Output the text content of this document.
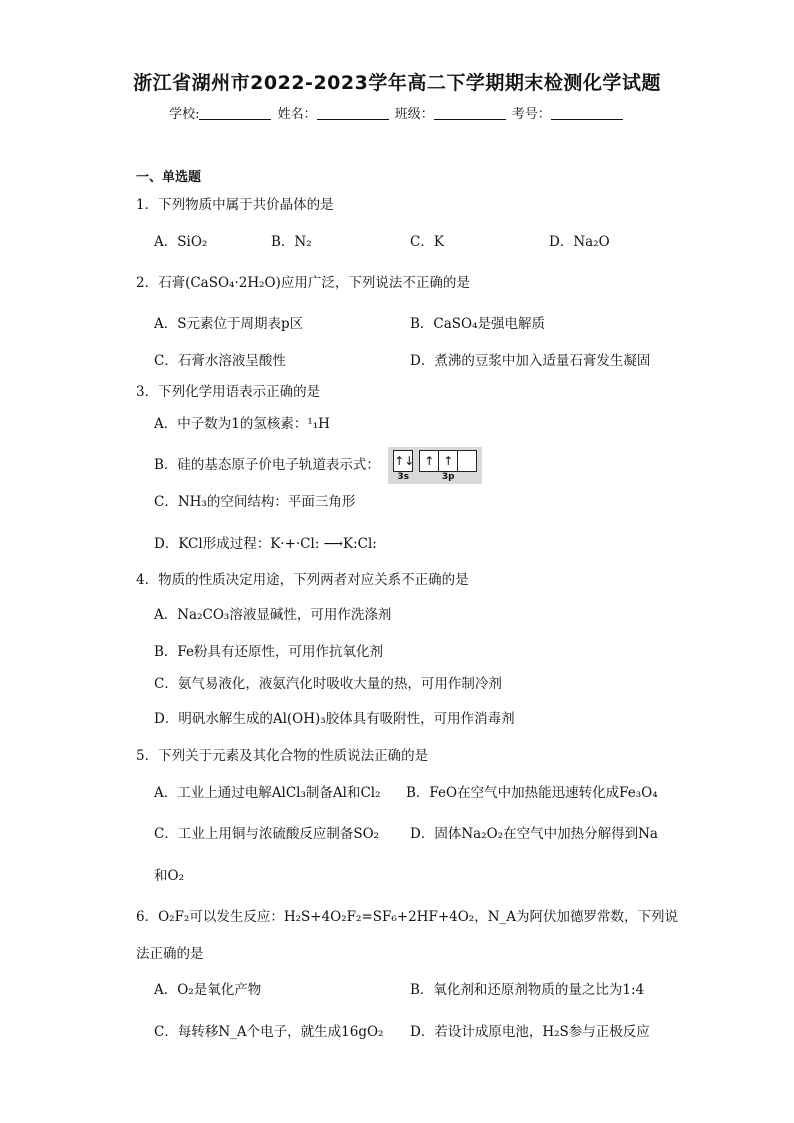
浙江省湖州市2022-2023学年高二下学期期末检测化学试题
学校:	姓名：	班级：	考号：
一、单选题
1．下列物质中属于共价晶体的是
A．SiO₂	B．N₂	C．K	D．Na₂O
2．石膏(CaSO₄·2H₂O)应用广泛，下列说法不正确的是
A．S元素位于周期表p区	B．CaSO₄是强电解质
C．石膏水溶液呈酸性	D．煮沸的豆浆中加入适量石膏发生凝固
3．下列化学用语表示正确的是
A．中子数为1的氢核素：¹₁H
B．硅的基态原子价电子轨道表示式： ↑↓ ↑ ↑
3s	3p
C．NH₃的空间结构：平面三角形
D．KCl形成过程：K·+·Cl: ⟶K:Cl:
4．物质的性质决定用途，下列两者对应关系不正确的是
A．Na₂CO₃溶液显碱性，可用作洗涤剂
B．Fe粉具有还原性，可用作抗氧化剂
C．氨气易液化，液氨汽化时吸收大量的热，可用作制冷剂
D．明矾水解生成的Al(OH)₃胶体具有吸附性，可用作消毒剂
5．下列关于元素及其化合物的性质说法正确的是
A．工业上通过电解AlCl₃制备Al和Cl₂ B．FeO在空气中加热能迅速转化成Fe₃O₄
C．工业上用铜与浓硫酸反应制备SO₂ D．固体Na₂O₂在空气中加热分解得到Na
和O₂
6．O₂F₂可以发生反应：H₂S+4O₂F₂=SF₆+2HF+4O₂，N_A为阿伏加德罗常数，下列说
法正确的是
A．O₂是氧化产物	B．氧化剂和还原剂物质的量之比为1:4
C．每转移N_A个电子，就生成16gO₂ D．若设计成原电池，H₂S参与正极反应
